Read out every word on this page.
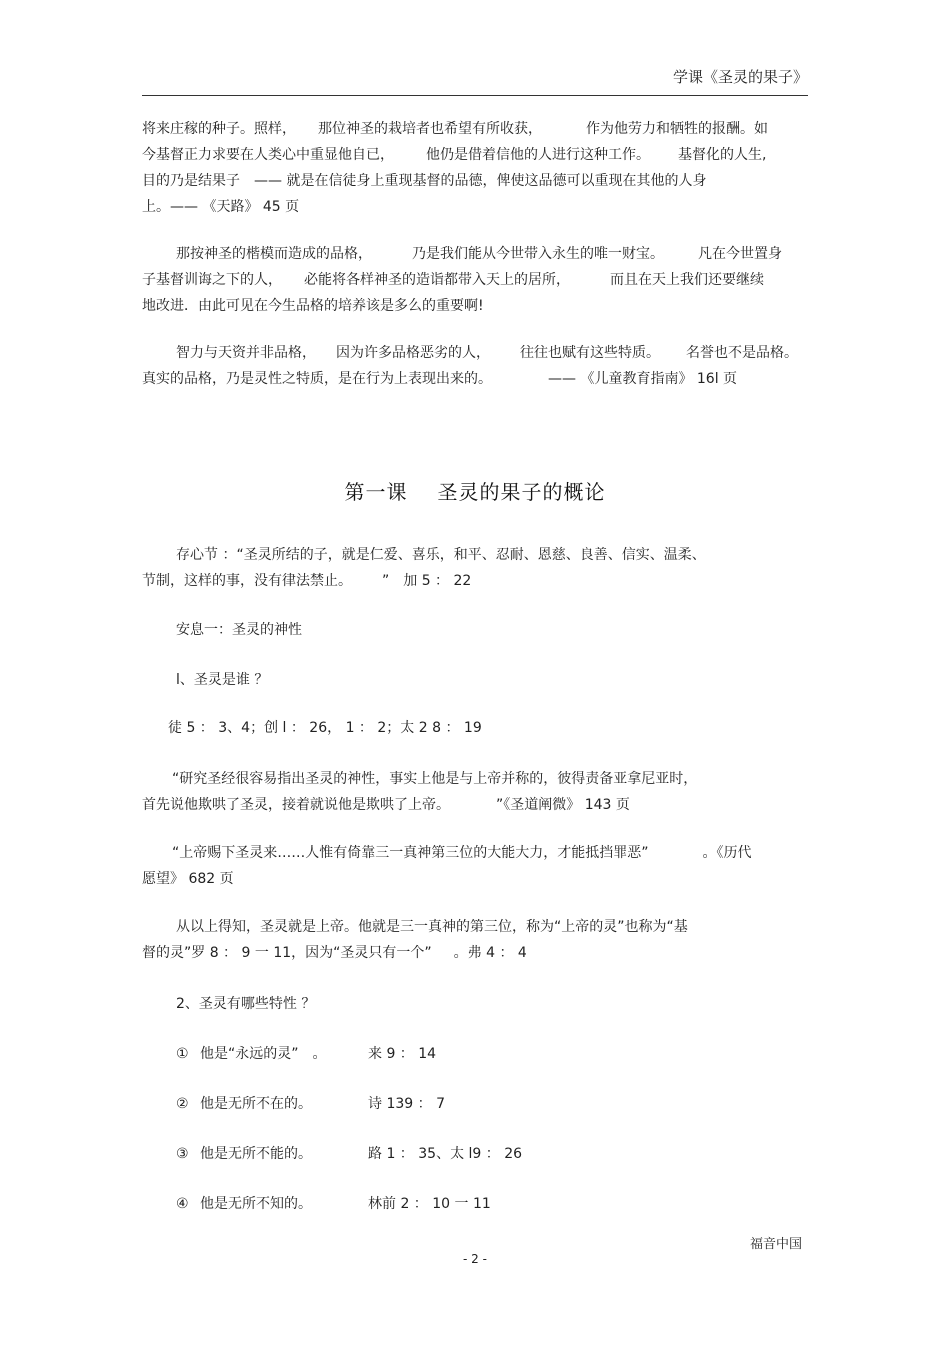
学课《圣灵的果子》
将来庄稼的种子。照样， 那位神圣的栽培者也希望有所收获，	作为他劳力和牺牲的报酬。如
今基督正力求要在人类心中重显他自已， 他仍是借着信他的人进行这种工作。 基督化的人生,
目的乃是结果子　—— 就是在信徒身上重现基督的品德，俾使这品德可以重现在其他的人身
上。—— 《天路》 45 页
那按神圣的楷模而造成的品格，	乃是我们能从今世带入永生的唯一财宝。 凡在今世置身
子基督训诲之下的人， 必能将各样神圣的造诣都带入天上的居所，	而且在天上我们还要继续
地改进．由此可见在今生品格的培养该是多么的重要啊!
智力与天资并非品格， 因为许多品格恶劣的人， 往往也赋有这些特质。 名誉也不是品格。
真实的品格，乃是灵性之特质，是在行为上表现出来的。	—— 《儿童教育指南》 16l 页
第一课 圣灵的果子的概论
存心节 ：“圣灵所结的子，就是仁爱、喜乐，和平、忍耐、恩慈、良善、信实、温柔、
节制，这样的事，没有律法禁止。 ”　加 5 ： 22
安息一：圣灵的神性
l、圣灵是谁 ？
徒 5 ： 3、4；创 l ： 26， 1 ： 2；太 2 8 ： 19
“研究圣经很容易指出圣灵的神性，事实上他是与上帝并称的，彼得责备亚拿尼亚时，
首先说他欺哄了圣灵，接着就说他是欺哄了上帝。	”《圣道阐微》 143 页
“上帝赐下圣灵来……人惟有倚靠三一真神第三位的大能大力，才能抵挡罪恶”	。《历代
愿望》 682 页
从以上得知，圣灵就是上帝。他就是三一真神的第三位，称为“上帝的灵”也称为“基
督的灵”罗 8 ： 9 一 11，因为“圣灵只有一个” 。弗 4 ： 4
2、圣灵有哪些特性 ？
① 他是“永远的灵”　。	来 9 ： 14
② 他是无所不在的。	诗 139 ： 7
③ 他是无所不能的。	路 1 ： 35、太 l9 ： 26
④ 他是无所不知的。	林前 2 ： 10 一 11
福音中国
- 2 -
